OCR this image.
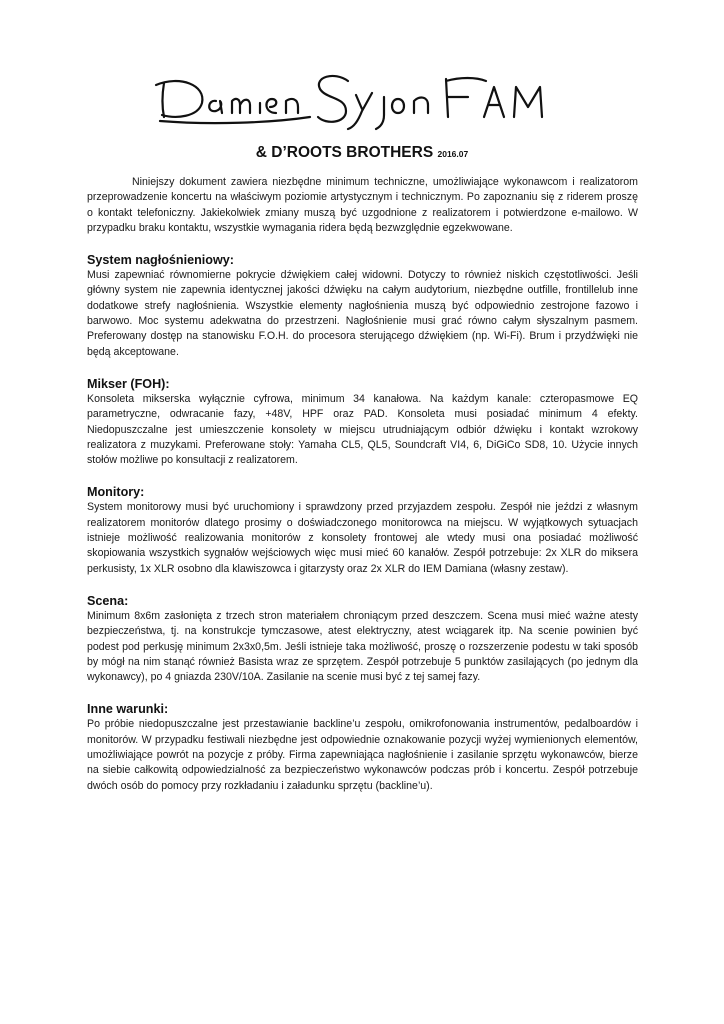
& D’ROOTS BROTHERS 2016.07

Niniejszy dokument zawiera niezbędne minimum techniczne, umożliwiające wykonawcom i realizatorom przeprowadzenie koncertu na właściwym poziomie artystycznym i technicznym. Po zapoznaniu się z riderem proszę o kontakt telefoniczny. Jakiekolwiek zmiany muszą być uzgodnione z realizatorem i potwierdzone e-mailowo. W przypadku braku kontaktu, wszystkie wymagania ridera będą bezwzględnie egzekwowane.

System nagłośnieniowy:

Musi zapewniać równomierne pokrycie dźwiękiem całej widowni. Dotyczy to również niskich częstotliwości. Jeśli główny system nie zapewnia identycznej jakości dźwięku na całym audytorium, niezbędne outfille, frontillelub inne dodatkowe strefy nagłośnienia. Wszystkie elementy nagłośnienia muszą być odpowiednio zestrojone fazowo i barwowo. Moc systemu adekwatna do przestrzeni. Nagłośnienie musi grać równo całym słyszalnym pasmem. Preferowany dostęp na stanowisku F.O.H. do procesora sterującego dźwiękiem (np. Wi-Fi). Brum i przydźwięki nie będą akceptowane.

Mikser (FOH):

Konsoleta mikserska wyłącznie cyfrowa, minimum 34 kanałowa. Na każdym kanale: czteropasmowe EQ parametryczne, odwracanie fazy, +48V, HPF oraz PAD. Konsoleta musi posiadać minimum 4 efekty. Niedopuszczalne jest umieszczenie konsolety w miejscu utrudniającym odbiór dźwięku i kontakt wzrokowy realizatora z muzykami. Preferowane stoły: Yamaha CL5, QL5, Soundcraft VI4, 6, DiGiCo SD8, 10. Użycie innych stołów możliwe po konsultacji z realizatorem.

Monitory:

System monitorowy musi być uruchomiony i sprawdzony przed przyjazdem zespołu. Zespół nie jeździ z własnym realizatorem monitorów dlatego prosimy o doświadczonego monitorowca na miejscu. W wyjątkowych sytuacjach istnieje możliwość realizowania monitorów z konsolety frontowej ale wtedy musi ona posiadać możliwość skopiowania wszystkich sygnałów wejściowych więc musi mieć 60 kanałów. Zespół potrzebuje: 2x XLR do miksera perkusisty, 1x XLR osobno dla klawiszowca i gitarzysty oraz 2x XLR do IEM Damiana (własny zestaw).

Scena:

Minimum 8x6m zasłonięta z trzech stron materiałem chroniącym przed deszczem. Scena musi mieć ważne atesty bezpieczeństwa, tj. na konstrukcje tymczasowe, atest elektryczny, atest wciągarek itp. Na scenie powinien być podest pod perkusję minimum 2x3x0,5m. Jeśli istnieje taka możliwość, proszę o rozszerzenie podestu w taki sposób by mógł na nim stanąć również Basista wraz ze sprzętem. Zespół potrzebuje 5 punktów zasilających (po jednym dla wykonawcy), po 4 gniazda 230V/10A. Zasilanie na scenie musi być z tej samej fazy.

Inne warunki:

Po próbie niedopuszczalne jest przestawianie backline’u zespołu, omikrofonowania instrumentów, pedalboardów i monitorów. W przypadku festiwali niezbędne jest odpowiednie oznakowanie pozycji wyżej wymienionych elementów, umożliwiające powrót na pozycje z próby. Firma zapewniająca nagłośnienie i zasilanie sprzętu wykonawców, bierze na siebie całkowitą odpowiedzialność za bezpieczeństwo wykonawców podczas prób i koncertu. Zespół potrzebuje dwóch osób do pomocy przy rozkładaniu i załadunku sprzętu (backline’u).
